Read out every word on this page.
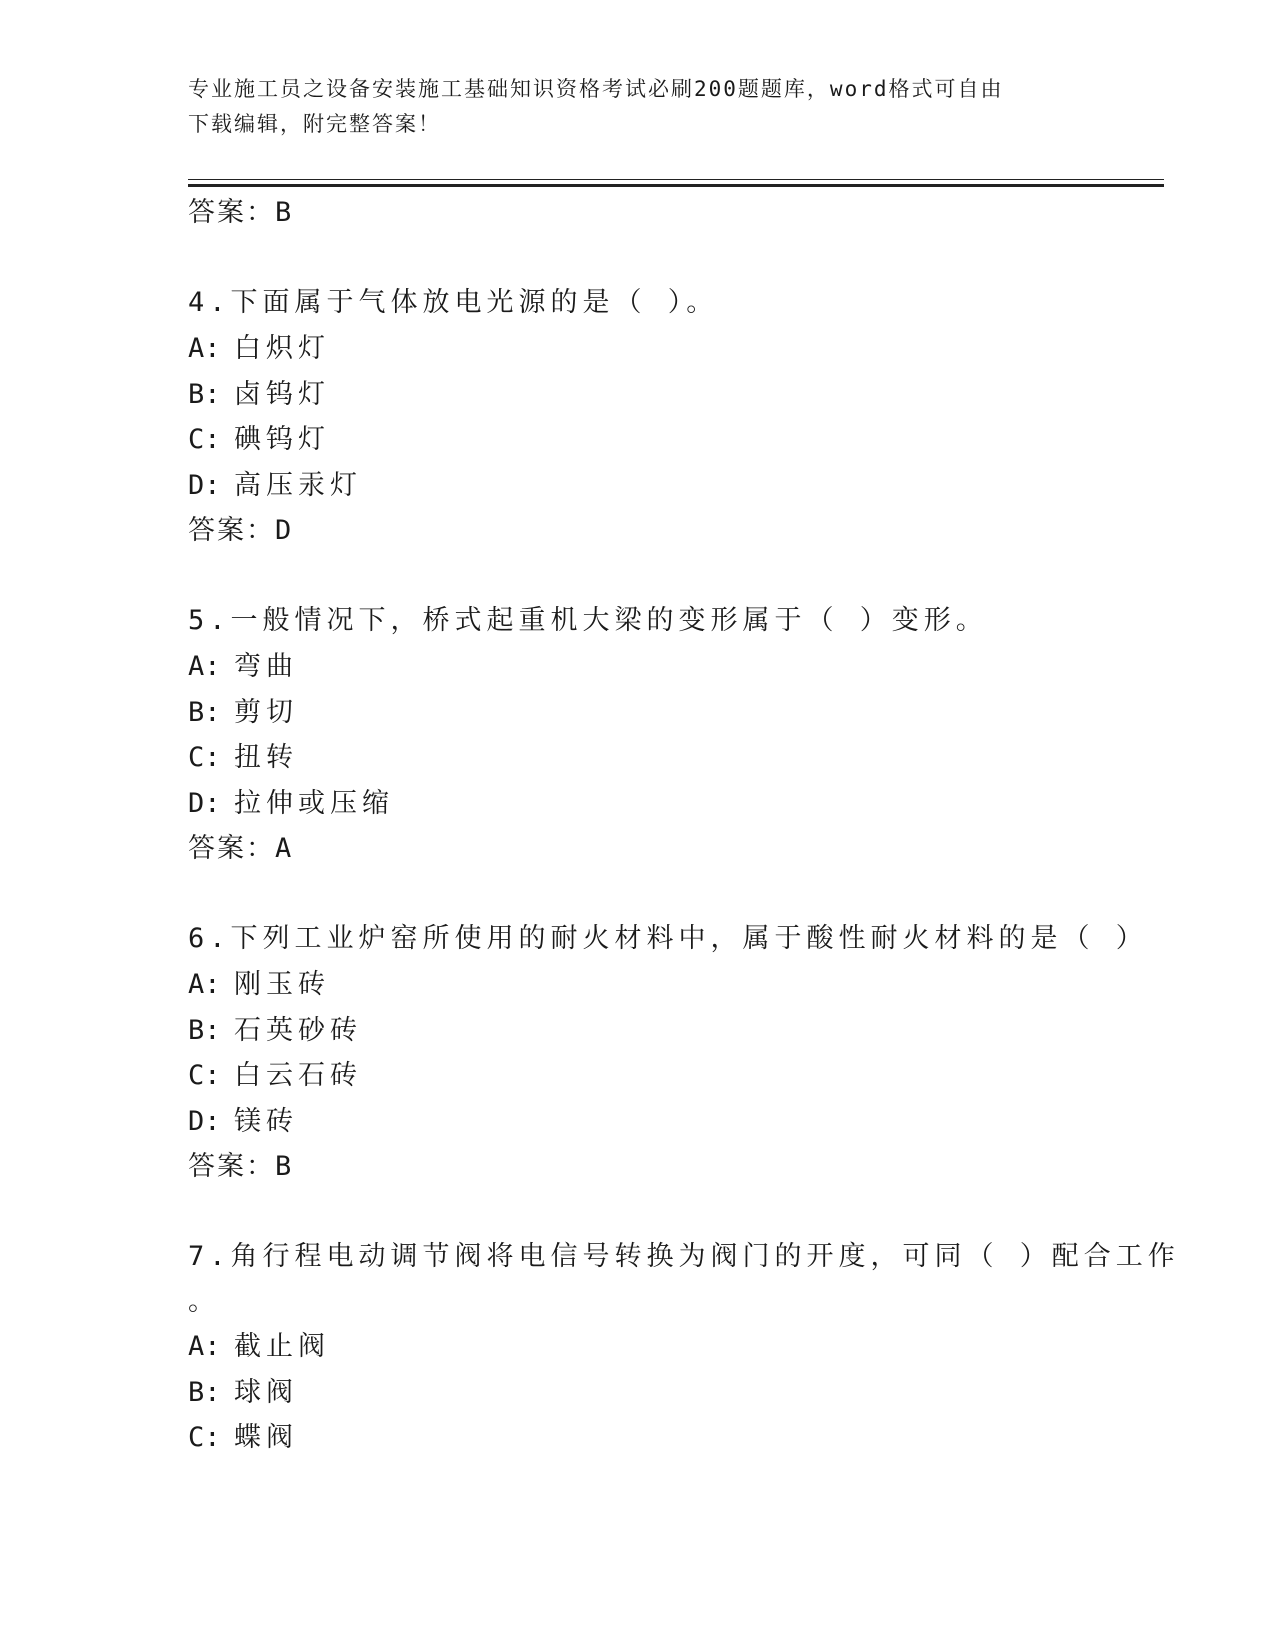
专业施工员之设备安装施工基础知识资格考试必刷200题题库，word格式可自由
下载编辑，附完整答案！
答案：B
4.下面属于气体放电光源的是（ ）。
A: 白炽灯
B: 卤钨灯
C: 碘钨灯
D: 高压汞灯
答案：D
5.一般情况下，桥式起重机大梁的变形属于（ ）变形。
A: 弯曲
B: 剪切
C: 扭转
D: 拉伸或压缩
答案：A
6.下列工业炉窑所使用的耐火材料中，属于酸性耐火材料的是（ ）
A: 刚玉砖
B: 石英砂砖
C: 白云石砖
D: 镁砖
答案：B
7.角行程电动调节阀将电信号转换为阀门的开度，可同（ ）配合工作
。
A: 截止阀
B: 球阀
C: 蝶阀
